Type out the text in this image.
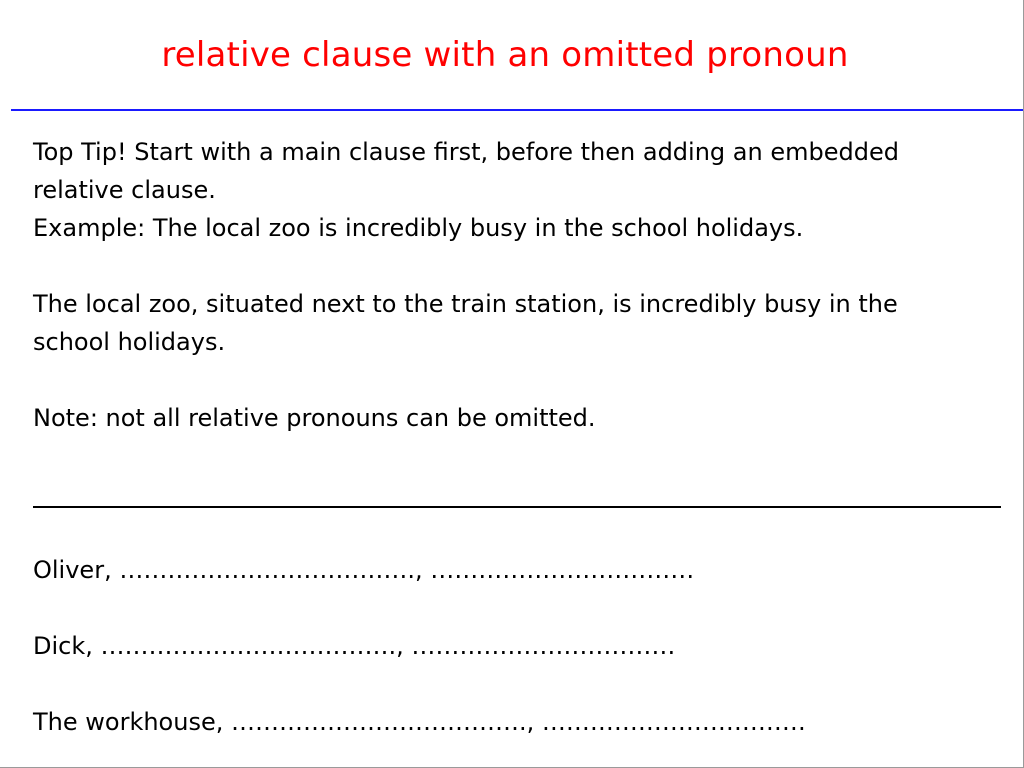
relative clause with an omitted pronoun
Top Tip! Start with a main clause first, before then adding an embedded
relative clause.
Example: The local zoo is incredibly busy in the school holidays.
The local zoo, situated next to the train station, is incredibly busy in the
school holidays.
Note: not all relative pronouns can be omitted.
Oliver, ………………………………., ……………………………
Dick, ………………………………., ……………………………
The workhouse, ………………………………., ……………………………
